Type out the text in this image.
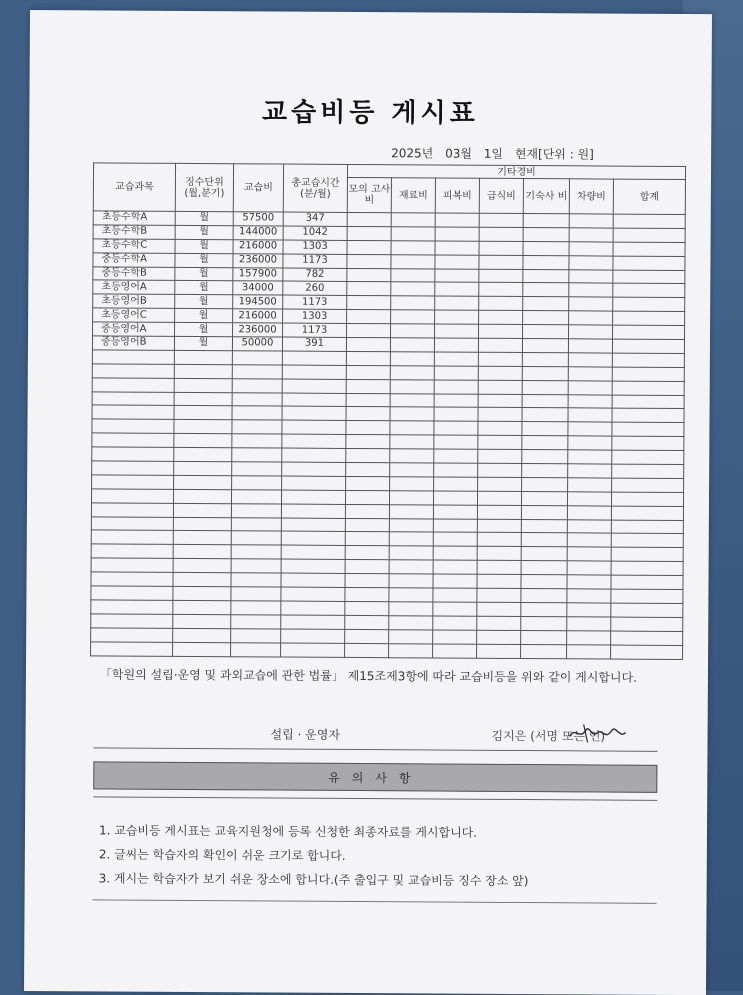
교습비등 게시표
2025년 03월 1일 현재[단위 : 원]
교습과목	징수단위 (월,분기)	교습비	총교습시간 (분/월)	기타경비						
				모의 고사비	재료비	피복비	급식비	기숙사 비	차량비	합계
초등수학A	월	57500	347							
초등수학B	월	144000	1042							
초등수학C	월	216000	1303							
중등수학A	월	236000	1173							
중등수학B	월	157900	782							
초등영어A	월	34000	260							
초등영어B	월	194500	1173							
초등영어C	월	216000	1303							
중등영어A	월	236000	1173							
중등영어B	월	50000	391							

「학원의 설립·운영 및 과외교습에 관한 법률」 제15조제3항에 따라 교습비등을 위와 같이 게시합니다.
설립 · 운영자	김지은 (서명 또는 인)
유의사항
1. 교습비등 게시표는 교육지원청에 등록 신청한 최종자료를 게시합니다.
2. 글씨는 학습자의 확인이 쉬운 크기로 합니다.
3. 게시는 학습자가 보기 쉬운 장소에 합니다.(주 출입구 및 교습비등 징수 장소 앞)
